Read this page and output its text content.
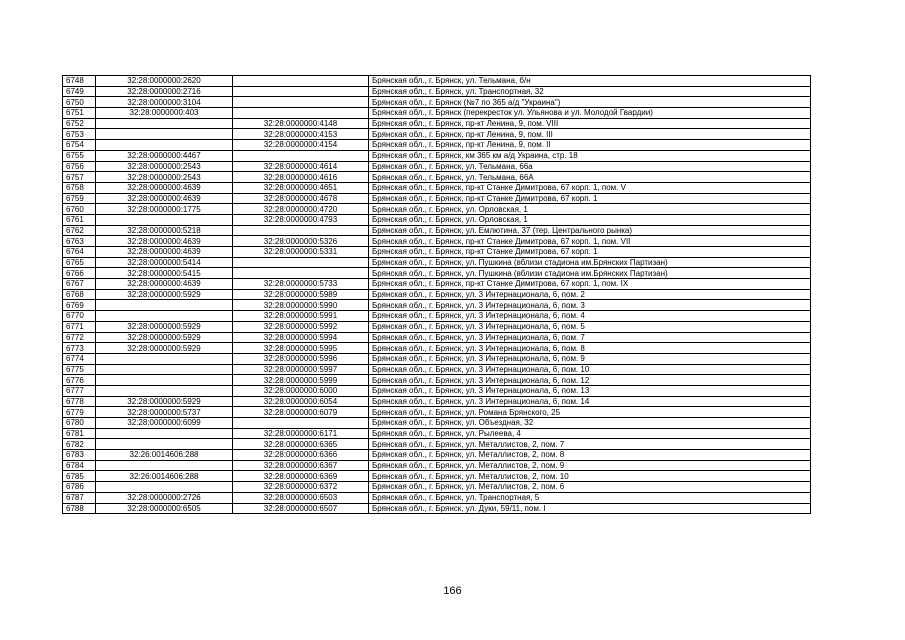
6748	32:28:0000000:2620		Брянская обл., г. Брянск, ул. Тельмана, б/н
6749	32:28:0000000:2716		Брянская обл., г. Брянск, ул. Транспортная, 32
6750	32:28:0000000:3104		Брянская обл., г. Брянск (№7 по 365 а/д "Украина")
6751	32:28:0000000:403		Брянская обл., г. Брянск (перекресток ул. Ульянова и ул. Молодой Гвардии)
6752		32:28:0000000:4148	Брянская обл., г. Брянск, пр-кт Ленина, 9, пом. VIII
6753		32:28:0000000:4153	Брянская обл., г. Брянск, пр-кт Ленина, 9, пом. III
6754		32:28:0000000:4154	Брянская обл., г. Брянск, пр-кт Ленина, 9, пом. II
6755	32:28:0000000:4467		Брянская обл., г. Брянск, км 365 км а/д Украина, стр. 18
6756	32:28:0000000:2543	32:28:0000000:4614	Брянская обл., г. Брянск, ул. Тельмана, 66а
6757	32:28:0000000:2543	32:28:0000000:4616	Брянская обл., г. Брянск, ул. Тельмана, 66А
6758	32:28:0000000:4639	32:28:0000000:4651	Брянская обл., г. Брянск, пр-кт Станке Димитрова, 67 корп. 1, пом. V
6759	32:28:0000000:4639	32:28:0000000:4678	Брянская обл., г. Брянск, пр-кт Станке Димитрова, 67 корп. 1
6760	32:28:0000000:1775	32:28:0000000:4720	Брянская обл., г. Брянск, ул. Орловская, 1
6761		32:28:0000000:4793	Брянская обл., г. Брянск, ул. Орловская, 1
6762	32:28:0000000:5218		Брянская обл., г. Брянск, ул. Емлютина, 37 (тер. Центрального рынка)
6763	32:28:0000000:4639	32:28:0000000:5326	Брянская обл., г. Брянск, пр-кт Станке Димитрова, 67 корп. 1, пом. VII
6764	32:28:0000000:4639	32:28:0000000:5331	Брянская обл., г. Брянск, пр-кт Станке Димитрова, 67 корп. 1
6765	32:28:0000000:5414		Брянская обл., г. Брянск, ул. Пушкина (вблизи стадиона им.Брянских Партизан)
6766	32:28:0000000:5415		Брянская обл., г. Брянск, ул. Пушкина (вблизи стадиона им.Брянских Партизан)
6767	32:28:0000000:4639	32:28:0000000:5733	Брянская обл., г. Брянск, пр-кт Станке Димитрова, 67 корп. 1, пом. IX
6768	32:28:0000000:5929	32:28:0000000:5989	Брянская обл., г. Брянск, ул. 3 Интернационала, 6, пом. 2
6769		32:28:0000000:5990	Брянская обл., г. Брянск, ул. 3 Интернационала, 6, пом. 3
6770		32:28:0000000:5991	Брянская обл., г. Брянск, ул. 3 Интернационала, 6, пом. 4
6771	32:28:0000000:5929	32:28:0000000:5992	Брянская обл., г. Брянск, ул. 3 Интернационала, 6, пом. 5
6772	32:28:0000000:5929	32:28:0000000:5994	Брянская обл., г. Брянск, ул. 3 Интернационала, 6, пом. 7
6773	32:28:0000000:5929	32:28:0000000:5995	Брянская обл., г. Брянск, ул. 3 Интернационала, 6, пом. 8
6774		32:28:0000000:5996	Брянская обл., г. Брянск, ул. 3 Интернационала, 6, пом. 9
6775		32:28:0000000:5997	Брянская обл., г. Брянск, ул. 3 Интернационала, 6, пом. 10
6776		32:28:0000000:5999	Брянская обл., г. Брянск, ул. 3 Интернационала, 6, пом. 12
6777		32:28:0000000:6000	Брянская обл., г. Брянск, ул. 3 Интернационала, 6, пом. 13
6778	32:28:0000000:5929	32:28:0000000:6054	Брянская обл., г. Брянск, ул. 3 Интернационала, 6, пом. 14
6779	32:28:0000000:5737	32:28:0000000:6079	Брянская обл., г. Брянск, ул. Романа Брянского, 25
6780	32:28:0000000:6099		Брянская обл., г. Брянск, ул. Объездная, 32
6781		32:28:0000000:6171	Брянская обл., г. Брянск, ул. Рылеева, 4
6782		32:28:0000000:6365	Брянская обл., г. Брянск, ул. Металлистов, 2, пом. 7
6783	32:26:0014606:288	32:28:0000000:6366	Брянская обл., г. Брянск, ул. Металлистов, 2, пом. 8
6784		32:28:0000000:6367	Брянская обл., г. Брянск, ул. Металлистов, 2, пом. 9
6785	32:26:0014606:288	32:28:0000000:6369	Брянская обл., г. Брянск, ул. Металлистов, 2, пом. 10
6786		32:28:0000000:6372	Брянская обл., г. Брянск, ул. Металлистов, 2, пом. 6
6787	32:28:0000000:2726	32:28:0000000:6503	Брянская обл., г. Брянск, ул. Транспортная, 5
6788	32:28:0000000:6505	32:28:0000000:6507	Брянская обл., г. Брянск, ул. Дуки, 59/11, пом. I
166
